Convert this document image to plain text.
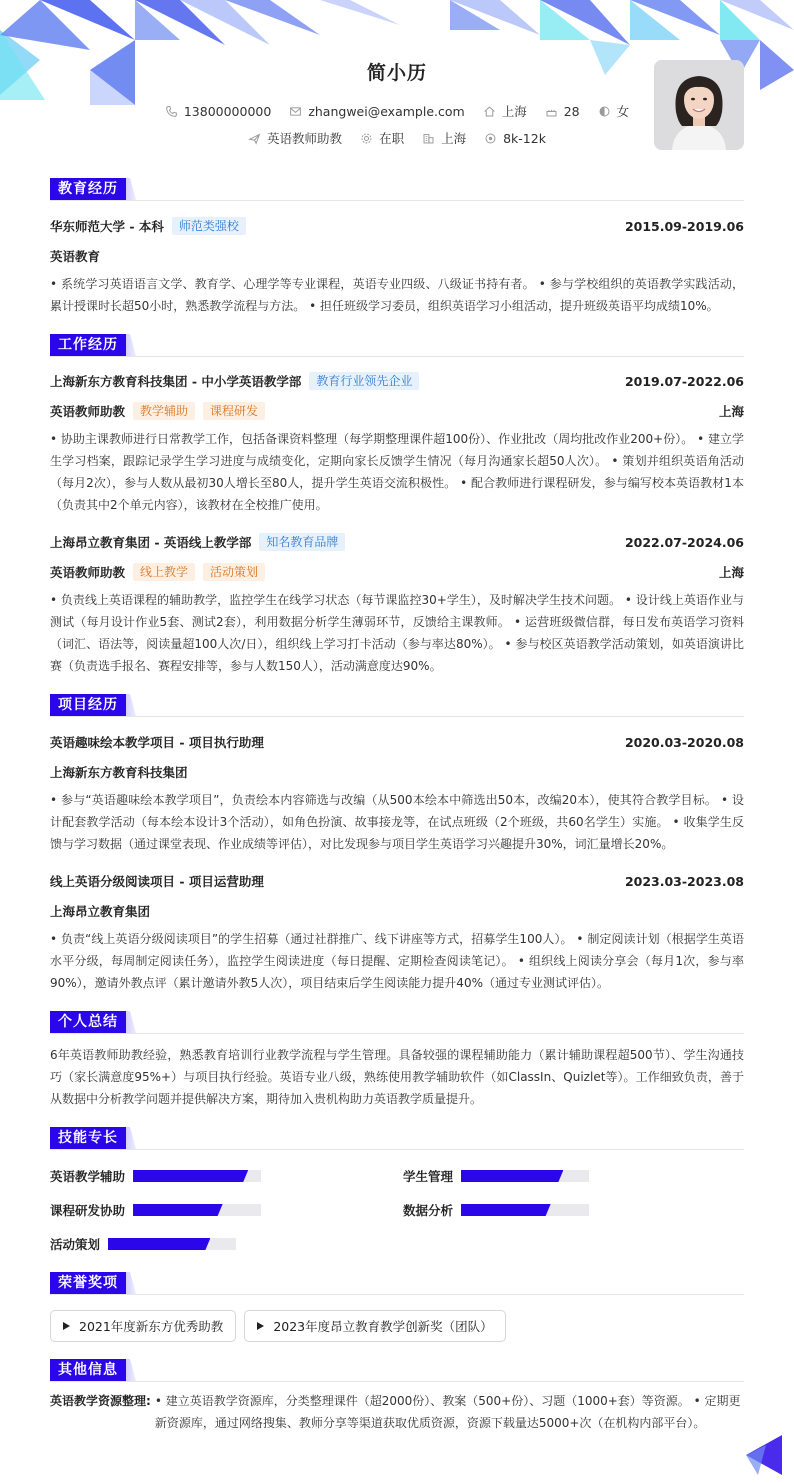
简小历
13800000000	zhangwei@example.com	上海	28	女
英语教师助教	在职	上海	8k-12k
教育经历
华东师范大学 - 本科	师范类强校	2015.09-2019.06
英语教育
• 系统学习英语语言文学、教育学、心理学等专业课程，英语专业四级、八级证书持有者。 • 参与学校组织的英语教学实践活动，累计授课时长超50小时，熟悉教学流程与方法。 • 担任班级学习委员，组织英语学习小组活动，提升班级英语平均成绩10%。
工作经历
上海新东方教育科技集团 - 中小学英语教学部	教育行业领先企业	2019.07-2022.06
英语教师助教	教学辅助	课程研发	上海
• 协助主课教师进行日常教学工作，包括备课资料整理（每学期整理课件超100份）、作业批改（周均批改作业200+份）。 • 建立学生学习档案，跟踪记录学生学习进度与成绩变化，定期向家长反馈学生情况（每月沟通家长超50人次）。 • 策划并组织英语角活动（每月2次），参与人数从最初30人增长至80人，提升学生英语交流积极性。 • 配合教师进行课程研发，参与编写校本英语教材1本（负责其中2个单元内容），该教材在全校推广使用。
上海昂立教育集团 - 英语线上教学部	知名教育品牌	2022.07-2024.06
英语教师助教	线上教学	活动策划	上海
• 负责线上英语课程的辅助教学，监控学生在线学习状态（每节课监控30+学生），及时解决学生技术问题。 • 设计线上英语作业与测试（每月设计作业5套、测试2套），利用数据分析学生薄弱环节，反馈给主课教师。 • 运营班级微信群，每日发布英语学习资料（词汇、语法等，阅读量超100人次/日），组织线上学习打卡活动（参与率达80%）。 • 参与校区英语教学活动策划，如英语演讲比赛（负责选手报名、赛程安排等，参与人数150人），活动满意度达90%。
项目经历
英语趣味绘本教学项目 - 项目执行助理	2020.03-2020.08
上海新东方教育科技集团
• 参与“英语趣味绘本教学项目”，负责绘本内容筛选与改编（从500本绘本中筛选出50本，改编20本），使其符合教学目标。 • 设计配套教学活动（每本绘本设计3个活动），如角色扮演、故事接龙等，在试点班级（2个班级，共60名学生）实施。 • 收集学生反馈与学习数据（通过课堂表现、作业成绩等评估），对比发现参与项目学生英语学习兴趣提升30%，词汇量增长20%。
线上英语分级阅读项目 - 项目运营助理	2023.03-2023.08
上海昂立教育集团
• 负责“线上英语分级阅读项目”的学生招募（通过社群推广、线下讲座等方式，招募学生100人）。 • 制定阅读计划（根据学生英语水平分级，每周制定阅读任务），监控学生阅读进度（每日提醒、定期检查阅读笔记）。 • 组织线上阅读分享会（每月1次，参与率90%），邀请外教点评（累计邀请外教5人次），项目结束后学生阅读能力提升40%（通过专业测试评估）。
个人总结
6年英语教师助教经验，熟悉教育培训行业教学流程与学生管理。具备较强的课程辅助能力（累计辅助课程超500节）、学生沟通技巧（家长满意度95%+）与项目执行经验。英语专业八级，熟练使用教学辅助软件（如ClassIn、Quizlet等）。工作细致负责，善于从数据中分析教学问题并提供解决方案，期待加入贵机构助力英语教学质量提升。
技能专长
英语教学辅助	学生管理
课程研发协助	数据分析
活动策划
荣誉奖项
2021年度新东方优秀助教	2023年度昂立教育教学创新奖（团队）
其他信息
英语教学资源整理: • 建立英语教学资源库，分类整理课件（超2000份）、教案（500+份）、习题（1000+套）等资源。 • 定期更新资源库，通过网络搜集、教师分享等渠道获取优质资源，资源下载量达5000+次（在机构内部平台）。
